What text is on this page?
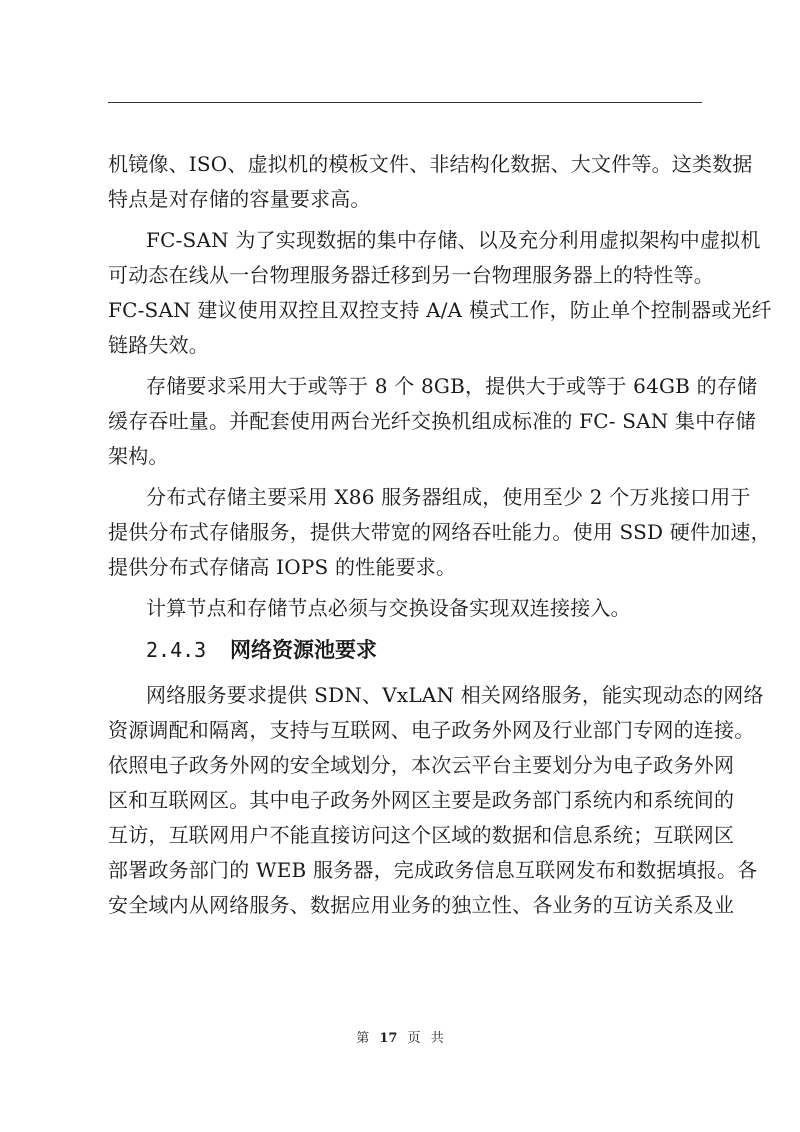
机镜像、ISO、虚拟机的模板文件、非结构化数据、大文件等。这类数据
特点是对存储的容量要求高。

FC-SAN 为了实现数据的集中存储、以及充分利用虚拟架构中虚拟机
可动态在线从一台物理服务器迁移到另一台物理服务器上的特性等。
FC-SAN 建议使用双控且双控支持 A/A 模式工作，防止单个控制器或光纤
链路失效。

存储要求采用大于或等于 8 个 8GB，提供大于或等于 64GB 的存储
缓存吞吐量。并配套使用两台光纤交换机组成标准的 FC- SAN 集中存储
架构。

分布式存储主要采用 X86 服务器组成，使用至少 2 个万兆接口用于
提供分布式存储服务，提供大带宽的网络吞吐能力。使用 SSD 硬件加速，
提供分布式存储高 IOPS 的性能要求。

计算节点和存储节点必须与交换设备实现双连接接入。

2.4.3 网络资源池要求

网络服务要求提供 SDN、VxLAN 相关网络服务，能实现动态的网络
资源调配和隔离，支持与互联网、电子政务外网及行业部门专网的连接。
依照电子政务外网的安全域划分，本次云平台主要划分为电子政务外网
区和互联网区。其中电子政务外网区主要是政务部门系统内和系统间的
互访，互联网用户不能直接访问这个区域的数据和信息系统；互联网区
部署政务部门的 WEB 服务器，完成政务信息互联网发布和数据填报。各
安全域内从网络服务、数据应用业务的独立性、各业务的互访关系及业

第 17 页 共
